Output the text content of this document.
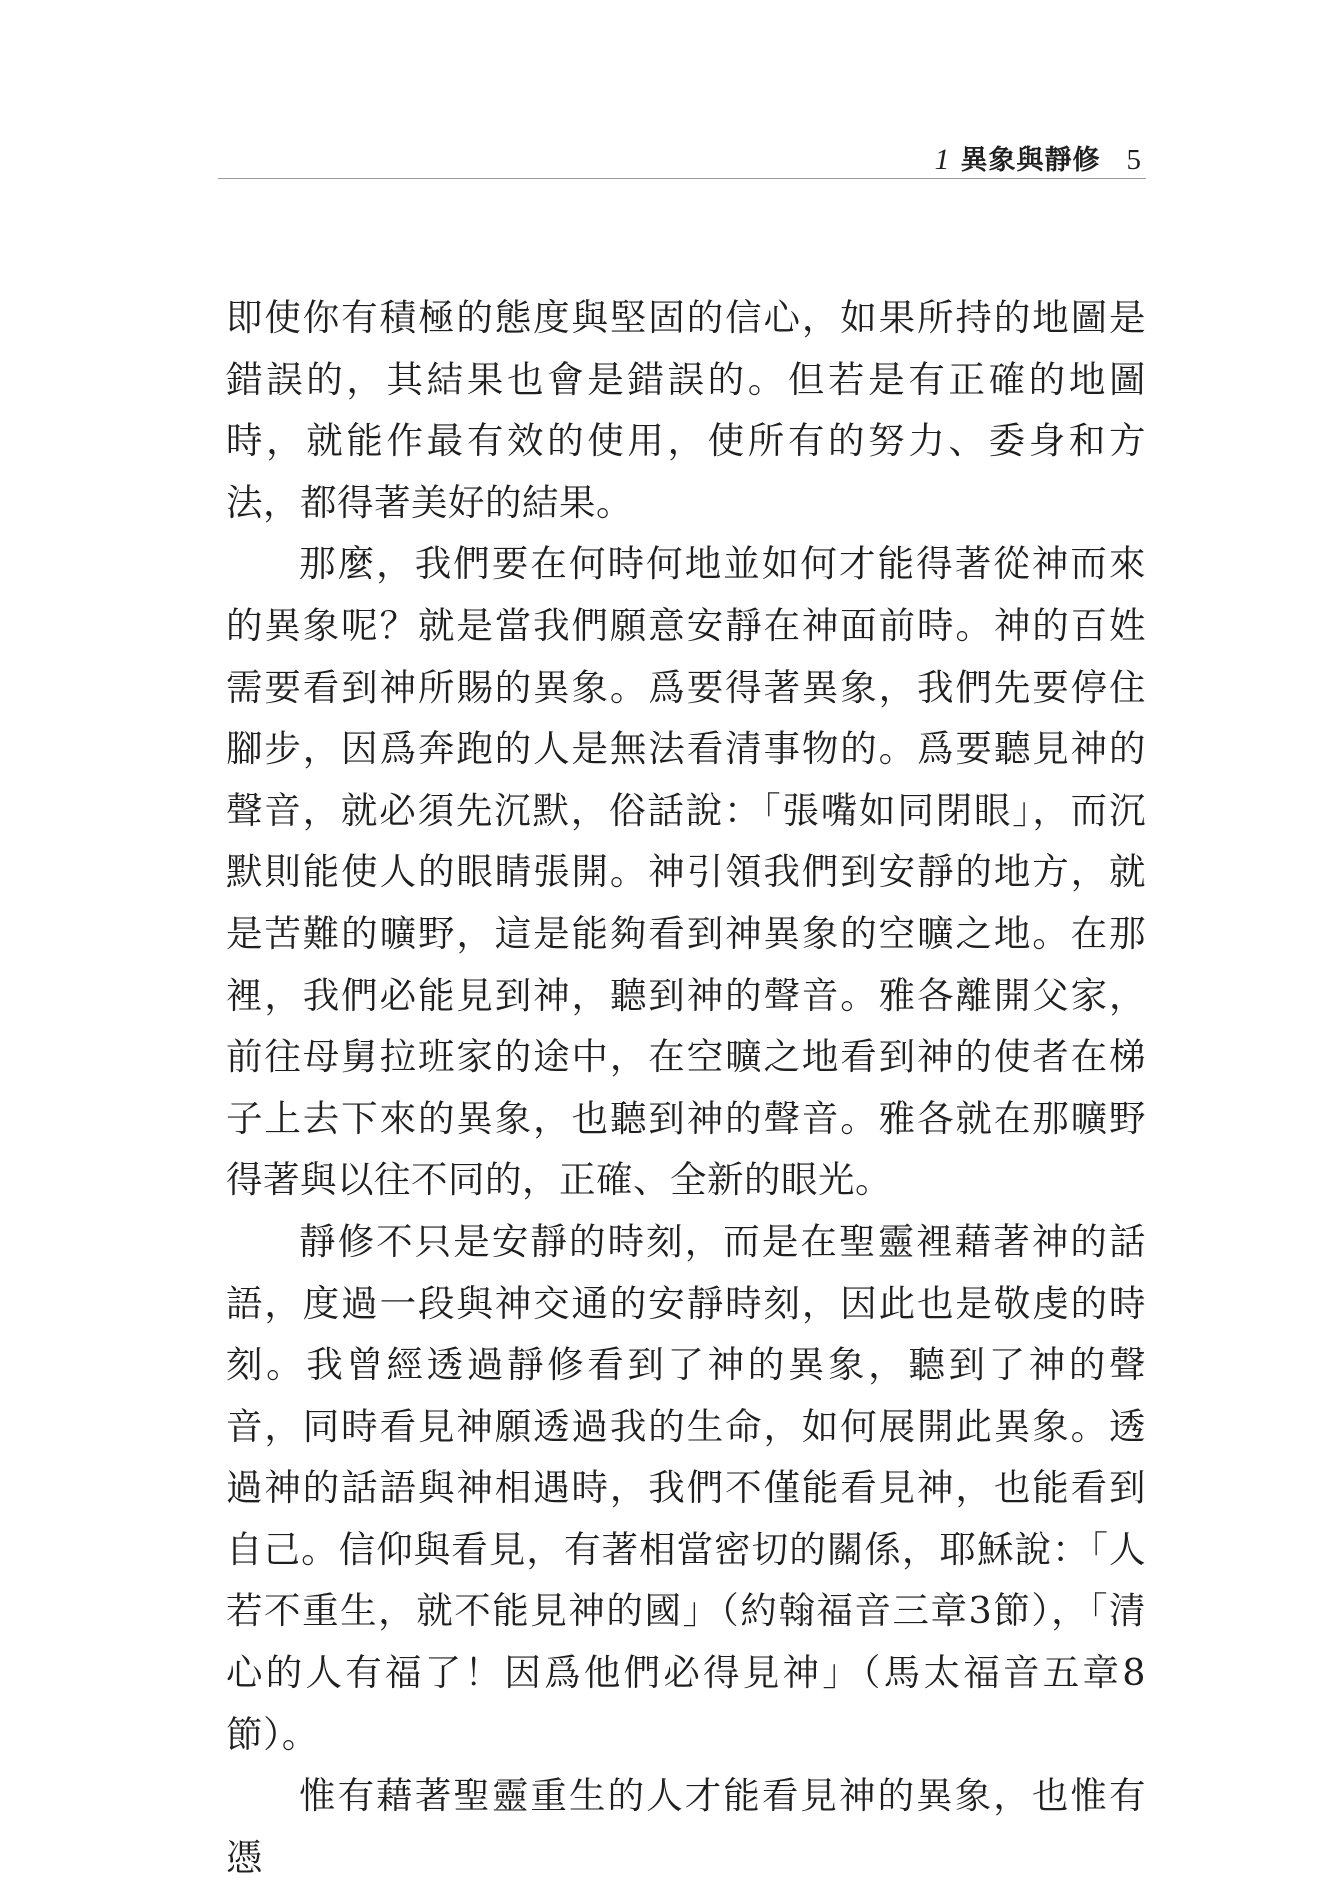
1 異象與靜修 5

即使你有積極的態度與堅固的信心，如果所持的地圖是錯誤的，其結果也會是錯誤的。但若是有正確的地圖時，就能作最有效的使用，使所有的努力、委身和方法，都得著美好的結果。

那麼，我們要在何時何地並如何才能得著從神而來的異象呢？就是當我們願意安靜在神面前時。神的百姓需要看到神所賜的異象。爲要得著異象，我們先要停住腳步，因爲奔跑的人是無法看清事物的。爲要聽見神的聲音，就必須先沉默，俗話說：「張嘴如同閉眼」，而沉默則能使人的眼睛張開。神引領我們到安靜的地方，就是苦難的曠野，這是能夠看到神異象的空曠之地。在那裡，我們必能見到神，聽到神的聲音。雅各離開父家，前往母舅拉班家的途中，在空曠之地看到神的使者在梯子上去下來的異象，也聽到神的聲音。雅各就在那曠野得著與以往不同的，正確、全新的眼光。

靜修不只是安靜的時刻，而是在聖靈裡藉著神的話語，度過一段與神交通的安靜時刻，因此也是敬虔的時刻。我曾經透過靜修看到了神的異象，聽到了神的聲音，同時看見神願透過我的生命，如何展開此異象。透過神的話語與神相遇時，我們不僅能看見神，也能看到自己。信仰與看見，有著相當密切的關係，耶穌說：「人若不重生，就不能見神的國」（約翰福音三章3節），「清心的人有福了！因爲他們必得見神」（馬太福音五章8節）。

惟有藉著聖靈重生的人才能看見神的異象，也惟有憑
